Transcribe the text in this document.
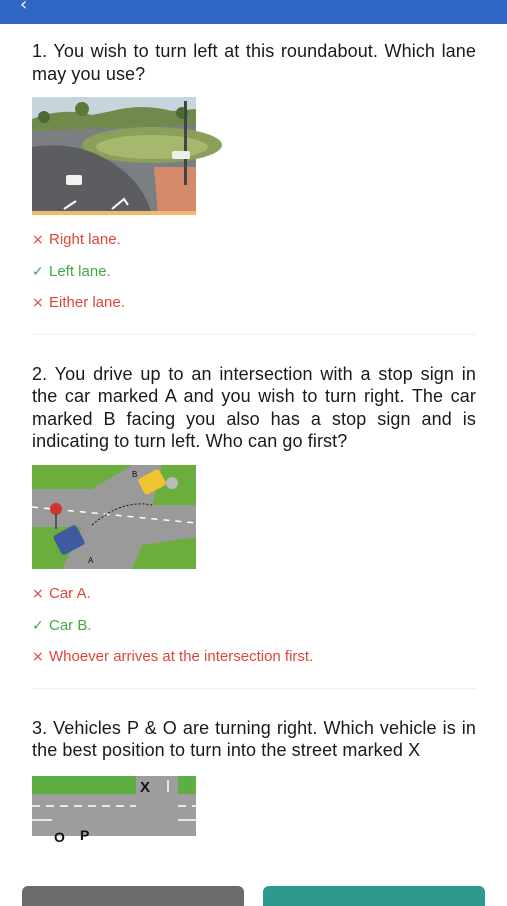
‹

1. You wish to turn left at this roundabout. Which lane may you use?

× Right lane.
✓ Left lane.
× Either lane.

2. You drive up to an intersection with a stop sign in the car marked A and you wish to turn right. The car marked B facing you also has a stop sign and is indicating to turn left. Who can go first?

A
B
× Car A.
✓ Car B.
× Whoever arrives at the intersection first.

3. Vehicles P & O are turning right. Which vehicle is in the best position to turn into the street marked X

X
O P
